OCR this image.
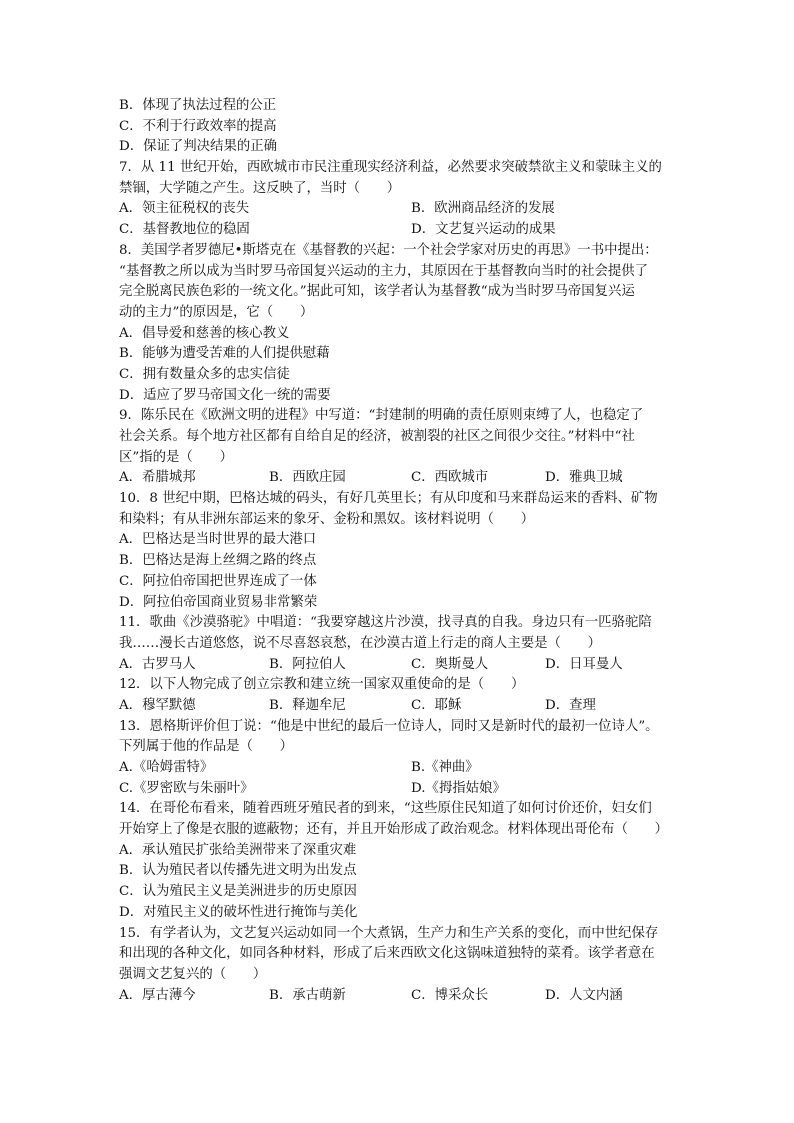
B．体现了执法过程的公正
C．不利于行政效率的提高
D．保证了判决结果的正确
7．从 11 世纪开始，西欧城市市民注重现实经济利益，必然要求突破禁欲主义和蒙昧主义的
禁锢，大学随之产生。这反映了，当时（　　）
A．领主征税权的丧失	B．欧洲商品经济的发展
C．基督教地位的稳固	D．文艺复兴运动的成果
8．美国学者罗德尼•斯塔克在《基督教的兴起：一个社会学家对历史的再思》一书中提出：
“基督教之所以成为当时罗马帝国复兴运动的主力，其原因在于基督教向当时的社会提供了
完全脱离民族色彩的一统文化。”据此可知，该学者认为基督教“成为当时罗马帝国复兴运
动的主力”的原因是，它（　　）
A．倡导爱和慈善的核心教义
B．能够为遭受苦难的人们提供慰藉
C．拥有数量众多的忠实信徒
D．适应了罗马帝国文化一统的需要
9．陈乐民在《欧洲文明的进程》中写道：“封建制的明确的责任原则束缚了人，也稳定了
社会关系。每个地方社区都有自给自足的经济，被割裂的社区之间很少交往。”材料中“社
区”指的是（　　）
A．希腊城邦	B．西欧庄园	C．西欧城市	D．雅典卫城
10．8 世纪中期，巴格达城的码头，有好几英里长；有从印度和马来群岛运来的香料、矿物
和染料；有从非洲东部运来的象牙、金粉和黑奴。该材料说明（　　）
A．巴格达是当时世界的最大港口
B．巴格达是海上丝绸之路的终点
C．阿拉伯帝国把世界连成了一体
D．阿拉伯帝国商业贸易非常繁荣
11．歌曲《沙漠骆驼》中唱道：“我要穿越这片沙漠，找寻真的自我。身边只有一匹骆驼陪
我……漫长古道悠悠，说不尽喜怒哀愁，在沙漠古道上行走的商人主要是（　　）
A．古罗马人	B．阿拉伯人	C．奥斯曼人	D．日耳曼人
12．以下人物完成了创立宗教和建立统一国家双重使命的是（　　）
A．穆罕默德	B．释迦牟尼	C．耶稣	D．查理
13．恩格斯评价但丁说：“他是中世纪的最后一位诗人，同时又是新时代的最初一位诗人”。
下列属于他的作品是（　　）
A.《哈姆雷特》	B.《神曲》
C.《罗密欧与朱丽叶》	D.《拇指姑娘》
14．在哥伦布看来，随着西班牙殖民者的到来，“这些原住民知道了如何讨价还价，妇女们
开始穿上了像是衣服的遮蔽物；还有，并且开始形成了政治观念。材料体现出哥伦布（　　）
A．承认殖民扩张给美洲带来了深重灾难
B．认为殖民者以传播先进文明为出发点
C．认为殖民主义是美洲进步的历史原因
D．对殖民主义的破坏性进行掩饰与美化
15．有学者认为，文艺复兴运动如同一个大煮锅，生产力和生产关系的变化，而中世纪保存
和出现的各种文化，如同各种材料，形成了后来西欧文化这锅味道独特的菜肴。该学者意在
强调文艺复兴的（　　）
A．厚古薄今	B．承古萌新	C．博采众长	D．人文内涵
